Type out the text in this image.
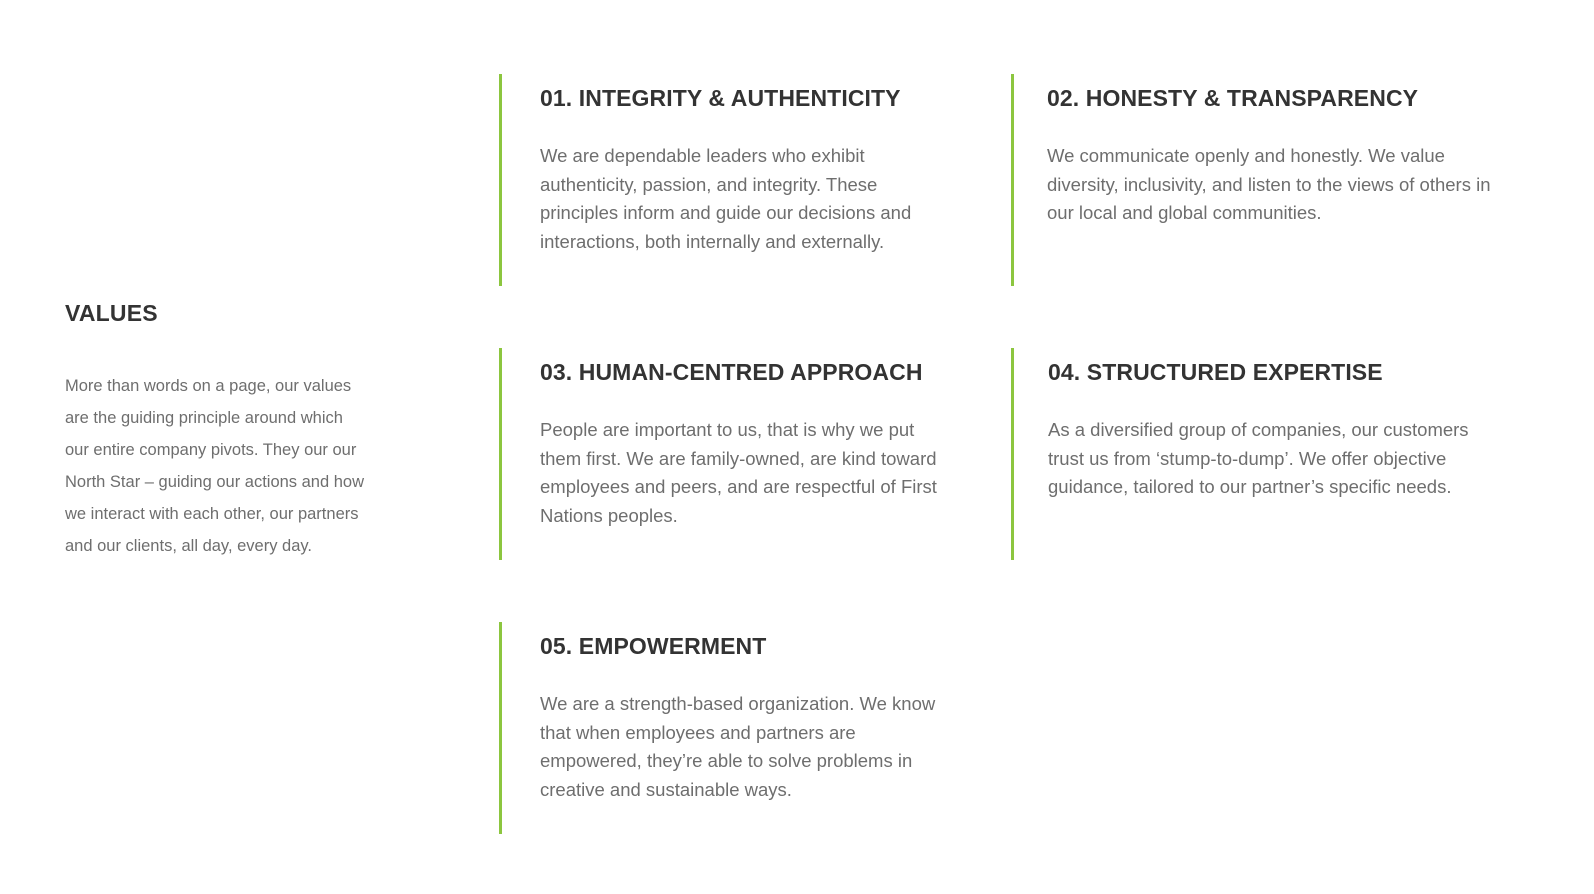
VALUES

More than words on a page, our values are the guiding principle around which our entire company pivots. They our our North Star – guiding our actions and how we interact with each other, our partners and our clients, all day, every day.

01. INTEGRITY & AUTHENTICITY

We are dependable leaders who exhibit authenticity, passion, and integrity. These principles inform and guide our decisions and interactions, both internally and externally.

02. HONESTY & TRANSPARENCY

We communicate openly and honestly. We value diversity, inclusivity, and listen to the views of others in our local and global communities.

03. HUMAN-CENTRED APPROACH

People are important to us, that is why we put them first. We are family-owned, are kind toward employees and peers, and are respectful of First Nations peoples.

04. STRUCTURED EXPERTISE

As a diversified group of companies, our customers trust us from ‘stump-to-dump’. We offer objective guidance, tailored to our partner’s specific needs.

05. EMPOWERMENT

We are a strength-based organization. We know that when employees and partners are empowered, they’re able to solve problems in creative and sustainable ways.
